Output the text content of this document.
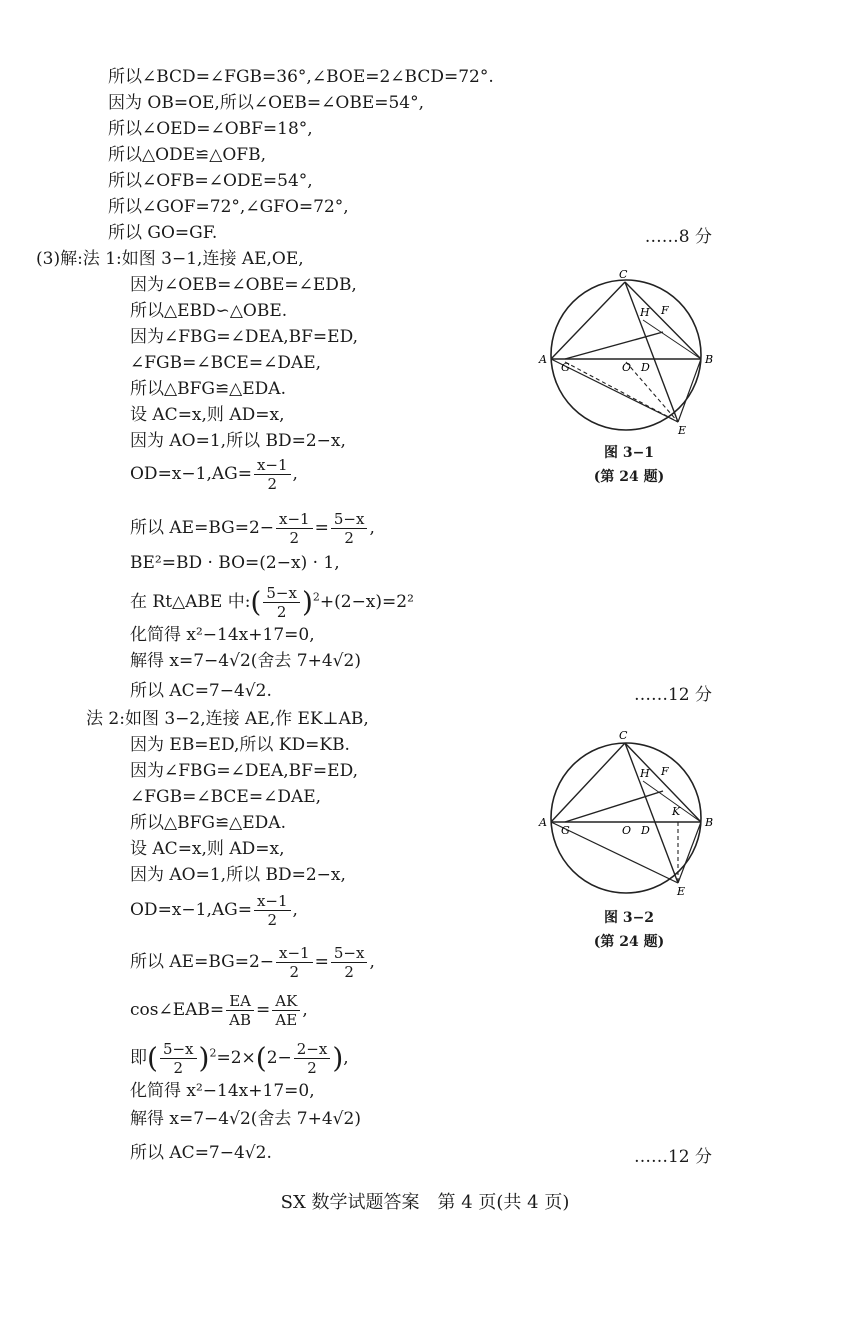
所以∠BCD=∠FGB=36°,∠BOE=2∠BCD=72°.
因为 OB=OE,所以∠OEB=∠OBE=54°,
所以∠OED=∠OBF=18°,
所以△ODE≌△OFB,
所以∠OFB=∠ODE=54°,
所以∠GOF=72°,∠GFO=72°,
所以 GO=GF.	……8 分
(3)解:法 1:如图 3−1,连接 AE,OE,
因为∠OEB=∠OBE=∠EDB,
所以△EBD∽△OBE.
因为∠FBG=∠DEA,BF=ED,
∠FGB=∠BCE=∠DAE,
所以△BFG≌△EDA.
设 AC=x,则 AD=x,
因为 AO=1,所以 BD=2−x,
$OD=x-1,AG= \frac{x-1}{2}$ ,
所以 $AE=BG=2- \frac{x-1}{2} = \frac{5-x}{2}$ ,
BE²=BD · BO=(2−x) · 1,
在 Rt△ABE 中:( $\frac{5-x}{2} )^2+(2-x)=2^2$
化简得 x²−14x+17=0,
解得 x=7−4√2(舍去 7+4√2)
所以 AC=7−4√2.	……12 分
法 2:如图 3−2,连接 AE,作 EK⊥AB,
因为 EB=ED,所以 KD=KB.
因为∠FBG=∠DEA,BF=ED,
∠FGB=∠BCE=∠DAE,
所以△BFG≌△EDA.
设 AC=x,则 AD=x,
因为 AO=1,所以 BD=2−x,
$OD=x-1,AG= \frac{x-1}{2}$ ,
所以 $AE=BG=2- \frac{x-1}{2} = \frac{5-x}{2}$ ,
cos∠EAB= $\frac{EA}{AB} = \frac{AK}{AE}$ ,
即( $\frac{5-x}{2} )^2=2\times(2- \frac{2-x}{2}$ ),
化简得 x²−14x+17=0,
解得 x=7−4√2(舍去 7+4√2)
所以 AC=7−4√2.	……12 分
A	B
C
E
F
H
G	O D
图 3−1
(第 24 题)
A	B
C
E
F
H
G	O D
K
图 3−2
(第 24 题)
SX 数学试题答案　第 4 页(共 4 页)
